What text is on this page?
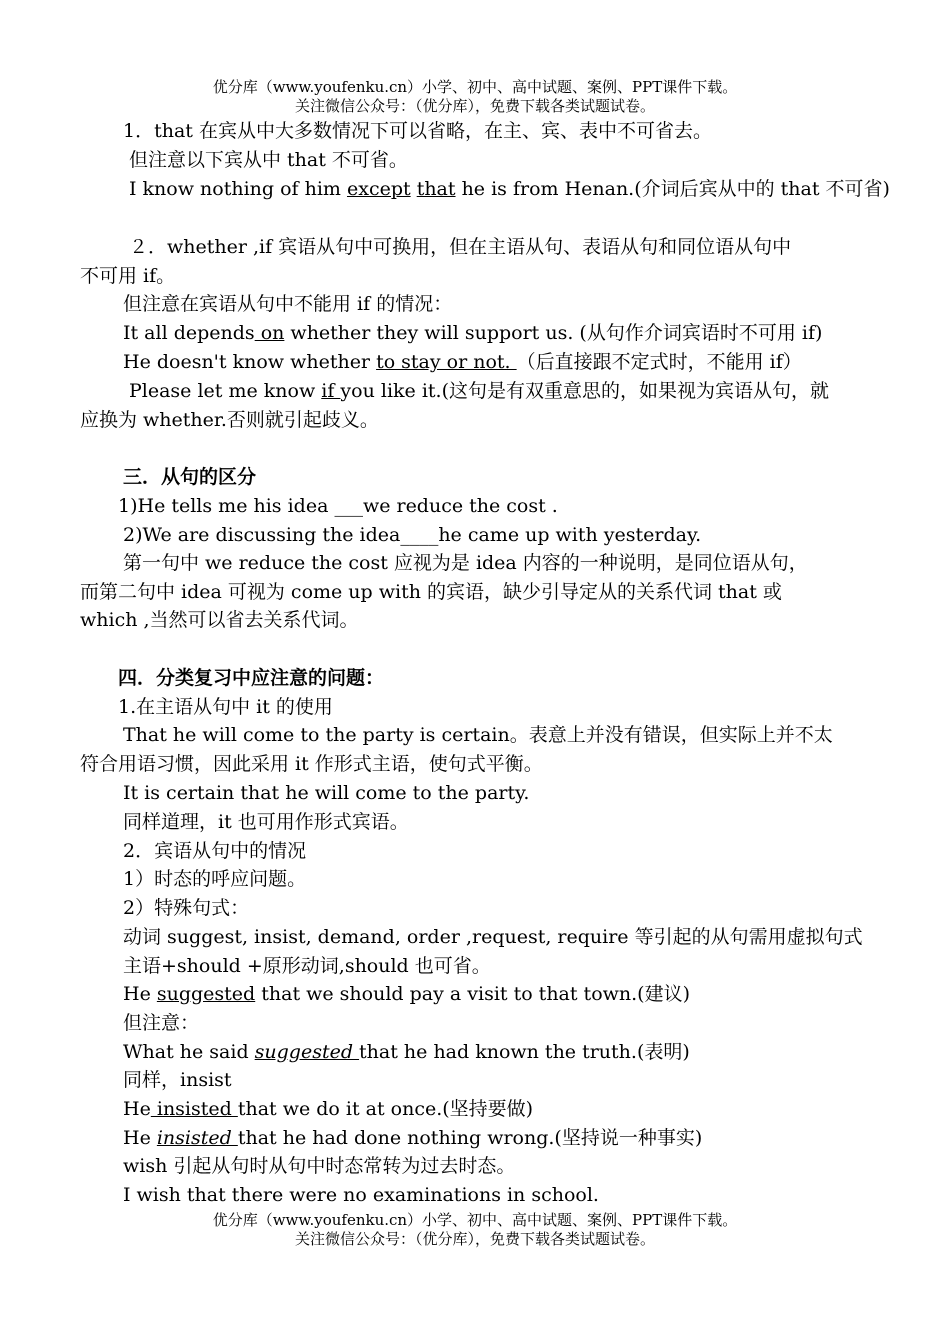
优分库（www.youfenku.cn）小学、初中、高中试题、案例、PPT课件下载。
关注微信公众号：（优分库），免费下载各类试题试卷。
1．that 在宾从中大多数情况下可以省略，在主、宾、表中不可省去。
但注意以下宾从中 that 不可省。
I know nothing of him except that he is from Henan.(介词后宾从中的 that 不可省)
２．whether ,if 宾语从句中可换用，但在主语从句、表语从句和同位语从句中
不可用 if。
但注意在宾语从句中不能用 if 的情况：
It all depends on whether they will support us. (从句作介词宾语时不可用 if)
He doesn't know whether to stay or not. （后直接跟不定式时，不能用 if）
Please let me know if you like it.(这句是有双重意思的，如果视为宾语从句，就
应换为 whether.否则就引起歧义。
三．从句的区分
1)He tells me his idea ___we reduce the cost .
2)We are discussing the idea____he came up with yesterday.
第一句中 we reduce the cost 应视为是 idea 内容的一种说明，是同位语从句，
而第二句中 idea 可视为 come up with 的宾语，缺少引导定从的关系代词 that 或
which ,当然可以省去关系代词。
四．分类复习中应注意的问题：
1.在主语从句中 it 的使用
That he will come to the party is certain。表意上并没有错误，但实际上并不太
符合用语习惯，因此采用 it 作形式主语，使句式平衡。
It is certain that he will come to the party.
同样道理，it 也可用作形式宾语。
2．宾语从句中的情况
1）时态的呼应问题。
2）特殊句式：
动词 suggest, insist, demand, order ,request, require 等引起的从句需用虚拟句式
主语+should +原形动词,should 也可省。
He suggested that we should pay a visit to that town.(建议)
但注意：
What he said suggested that he had known the truth.(表明)
同样，insist
He insisted that we do it at once.(坚持要做)
He insisted that he had done nothing wrong.(坚持说一种事实)
wish 引起从句时从句中时态常转为过去时态。
I wish that there were no examinations in school.
优分库（www.youfenku.cn）小学、初中、高中试题、案例、PPT课件下载。
关注微信公众号：（优分库），免费下载各类试题试卷。
